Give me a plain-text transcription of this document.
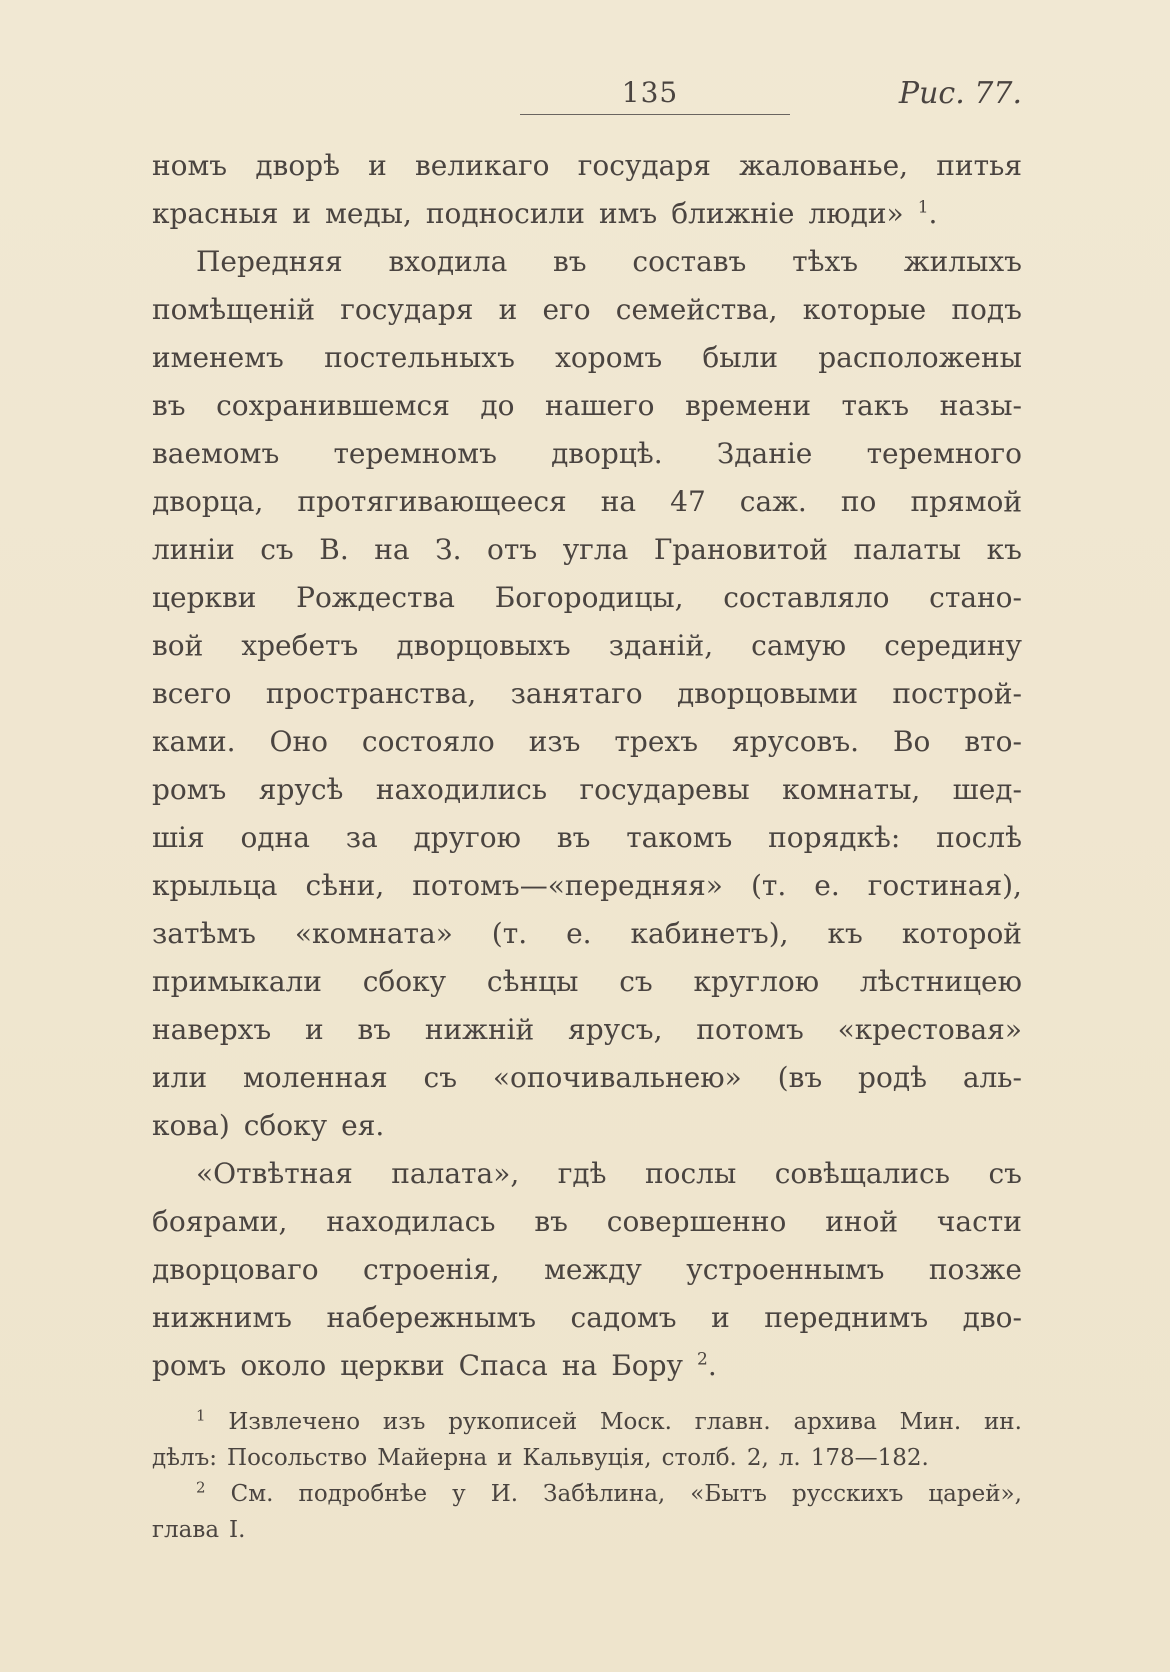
135	Рис. 77.
номъ дворѣ и великаго государя жалованье, питья
красныя и меды, подносили имъ ближніе люди» $^1$.
Передняя входила въ составъ тѣхъ жилыхъ
помѣщеній государя и его семейства, которые подъ
именемъ постельныхъ хоромъ были расположены
въ сохранившемся до нашего времени такъ назы-
ваемомъ теремномъ дворцѣ. Зданіе теремного
дворца, протягивающееся на 47 саж. по прямой
линіи съ В. на З. отъ угла Грановитой палаты къ
церкви Рождества Богородицы, составляло стано-
вой хребетъ дворцовыхъ зданій, самую середину
всего пространства, занятаго дворцовыми построй-
ками. Оно состояло изъ трехъ ярусовъ. Во вто-
ромъ ярусѣ находились государевы комнаты, шед-
шія одна за другою въ такомъ порядкѣ: послѣ
крыльца сѣни, потомъ—«передняя» (т. е. гостиная),
затѣмъ «комната» (т. е. кабинетъ), къ которой
примыкали сбоку сѣнцы съ круглою лѣстницею
наверхъ и въ нижній ярусъ, потомъ «крестовая»
или моленная съ «опочивальнею» (въ родѣ аль-
кова) сбоку ея.
«Отвѣтная палата», гдѣ послы совѣщались съ
боярами, находилась въ совершенно иной части
дворцоваго строенія, между устроеннымъ позже
нижнимъ набережнымъ садомъ и переднимъ дво-
ромъ около церкви Спаса на Бору $^2$.
$^1$ Извлечено изъ рукописей Моск. главн. архива Мин. ин.
дѣлъ: Посольство Майерна и Кальвуція, столб. 2, л. 178—182.
$^2$ См. подробнѣе у И. Забѣлина, «Бытъ русскихъ царей»,
глава I.
